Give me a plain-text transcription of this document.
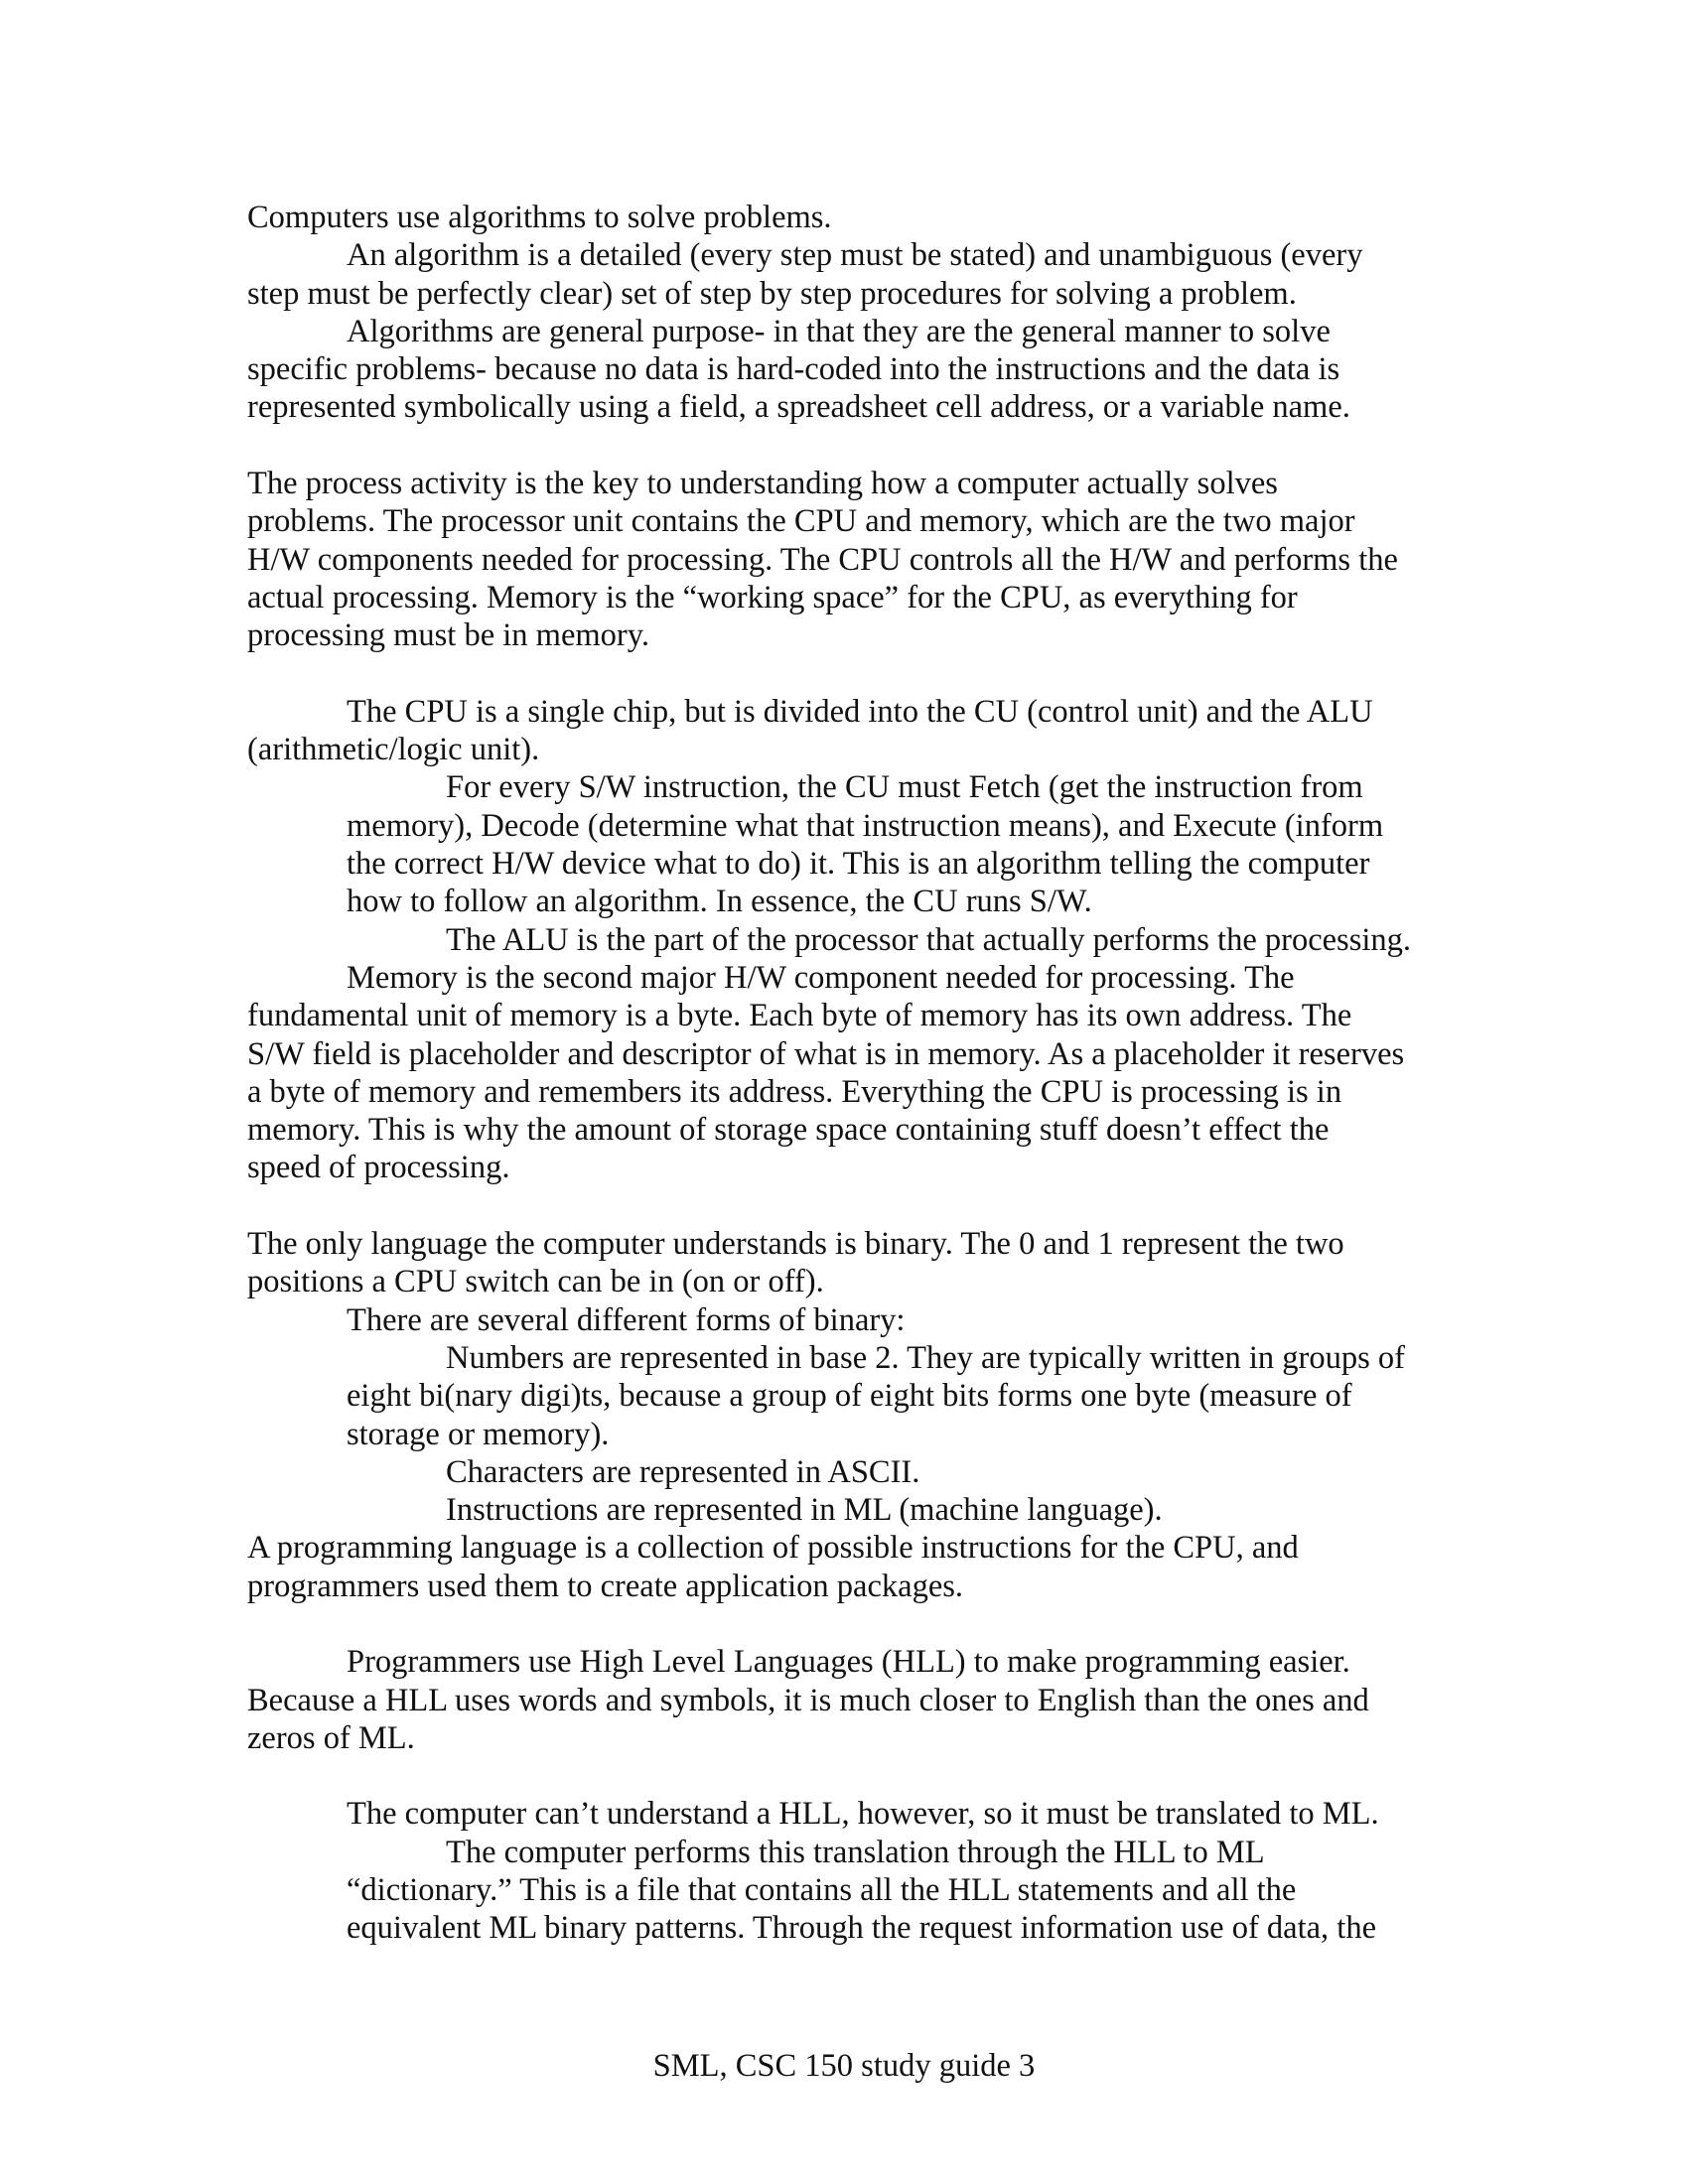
Computers use algorithms to solve problems.
An algorithm is a detailed (every step must be stated) and unambiguous (every
step must be perfectly clear) set of step by step procedures for solving a problem.
Algorithms are general purpose- in that they are the general manner to solve
specific problems- because no data is hard-coded into the instructions and the data is
represented symbolically using a field, a spreadsheet cell address, or a variable name.
The process activity is the key to understanding how a computer actually solves
problems. The processor unit contains the CPU and memory, which are the two major
H/W components needed for processing. The CPU controls all the H/W and performs the
actual processing. Memory is the “working space” for the CPU, as everything for
processing must be in memory.
The CPU is a single chip, but is divided into the CU (control unit) and the ALU
(arithmetic/logic unit).
For every S/W instruction, the CU must Fetch (get the instruction from
memory), Decode (determine what that instruction means), and Execute (inform
the correct H/W device what to do) it. This is an algorithm telling the computer
how to follow an algorithm. In essence, the CU runs S/W.
The ALU is the part of the processor that actually performs the processing.
Memory is the second major H/W component needed for processing. The
fundamental unit of memory is a byte. Each byte of memory has its own address. The
S/W field is placeholder and descriptor of what is in memory. As a placeholder it reserves
a byte of memory and remembers its address. Everything the CPU is processing is in
memory. This is why the amount of storage space containing stuff doesn’t effect the
speed of processing.
The only language the computer understands is binary. The 0 and 1 represent the two
positions a CPU switch can be in (on or off).
There are several different forms of binary:
Numbers are represented in base 2. They are typically written in groups of
eight bi(nary digi)ts, because a group of eight bits forms one byte (measure of
storage or memory).
Characters are represented in ASCII.
Instructions are represented in ML (machine language).
A programming language is a collection of possible instructions for the CPU, and
programmers used them to create application packages.
Programmers use High Level Languages (HLL) to make programming easier.
Because a HLL uses words and symbols, it is much closer to English than the ones and
zeros of ML.
The computer can’t understand a HLL, however, so it must be translated to ML.
The computer performs this translation through the HLL to ML
“dictionary.” This is a file that contains all the HLL statements and all the
equivalent ML binary patterns. Through the request information use of data, the
SML, CSC 150 study guide 3
